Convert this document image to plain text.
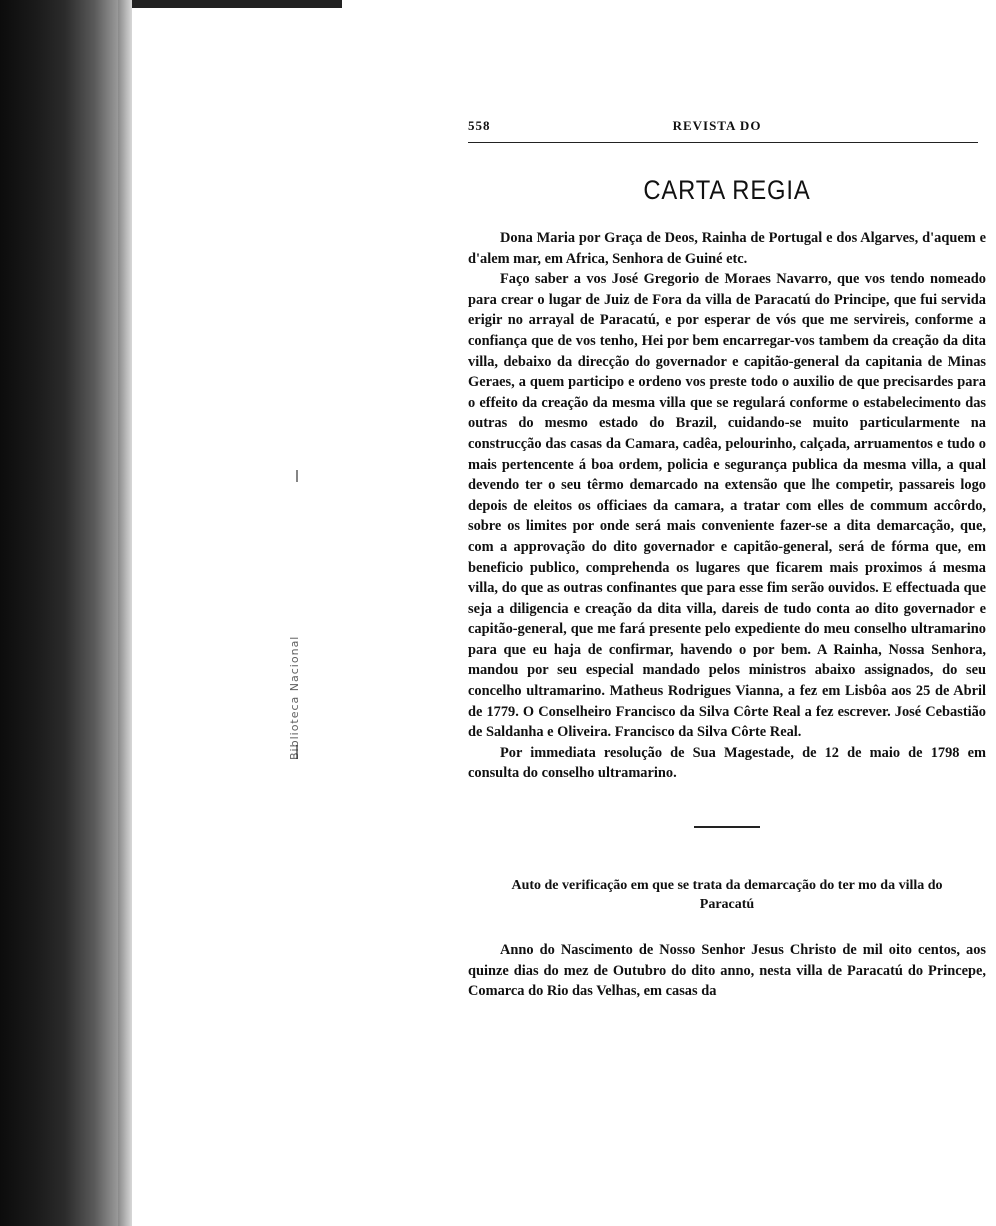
Biblioteca Nacional
558	REVISTA DO
CARTA REGIA

Dona Maria por Graça de Deos, Rainha de Portugal e dos Algarves, d'aquem e d'alem mar, em Africa, Senhora de Guiné etc.

Faço saber a vos José Gregorio de Moraes Navarro, que vos tendo nomeado para crear o lugar de Juiz de Fora da villa de Paracatú do Principe, que fui servida erigir no arrayal de Paracatú, e por esperar de vós que me servireis, conforme a confiança que de vos tenho, Hei por bem encarregar-vos tambem da creação da dita villa, debaixo da direcção do governador e capitão-general da capitania de Minas Geraes, a quem participo e ordeno vos preste todo o auxilio de que precisardes para o effeito da creação da mesma villa que se regulará conforme o estabelecimento das outras do mesmo estado do Brazil, cuidando-se muito particularmente na construcção das casas da Camara, cadêa, pelourinho, calçada, arruamentos e tudo o mais pertencente á boa ordem, policia e segurança publica da mesma villa, a qual devendo ter o seu têrmo demarcado na extensão que lhe competir, passareis logo depois de eleitos os officiaes da camara, a tratar com elles de commum accôrdo, sobre os limites por onde será mais conveniente fazer-se a dita demarcação, que, com a approvação do dito governador e capitão-general, será de fórma que, em beneficio publico, comprehenda os lugares que ficarem mais proximos á mesma villa, do que as outras confinantes que para esse fim serão ouvidos. E effectuada que seja a diligencia e creação da dita villa, dareis de tudo conta ao dito governador e capitão-general, que me fará presente pelo expediente do meu conselho ultramarino para que eu haja de confirmar, havendo o por bem. A Rainha, Nossa Senhora, mandou por seu especial mandado pelos ministros abaixo assignados, do seu concelho ultramarino. Matheus Rodrigues Vianna, a fez em Lisbôa aos 25 de Abril de 1779. O Conselheiro Francisco da Silva Côrte Real a fez escrever. José Cebastião de Saldanha e Oliveira. Francisco da Silva Côrte Real.

Por immediata resolução de Sua Magestade, de 12 de maio de 1798 em consulta do conselho ultramarino.

Auto de verificação em que se trata da demarcação do ter mo da villa do Paracatú

Anno do Nascimento de Nosso Senhor Jesus Christo de mil oito centos, aos quinze dias do mez de Outubro do dito anno, nesta villa de Paracatú do Princepe, Comarca do Rio das Velhas, em casas da
